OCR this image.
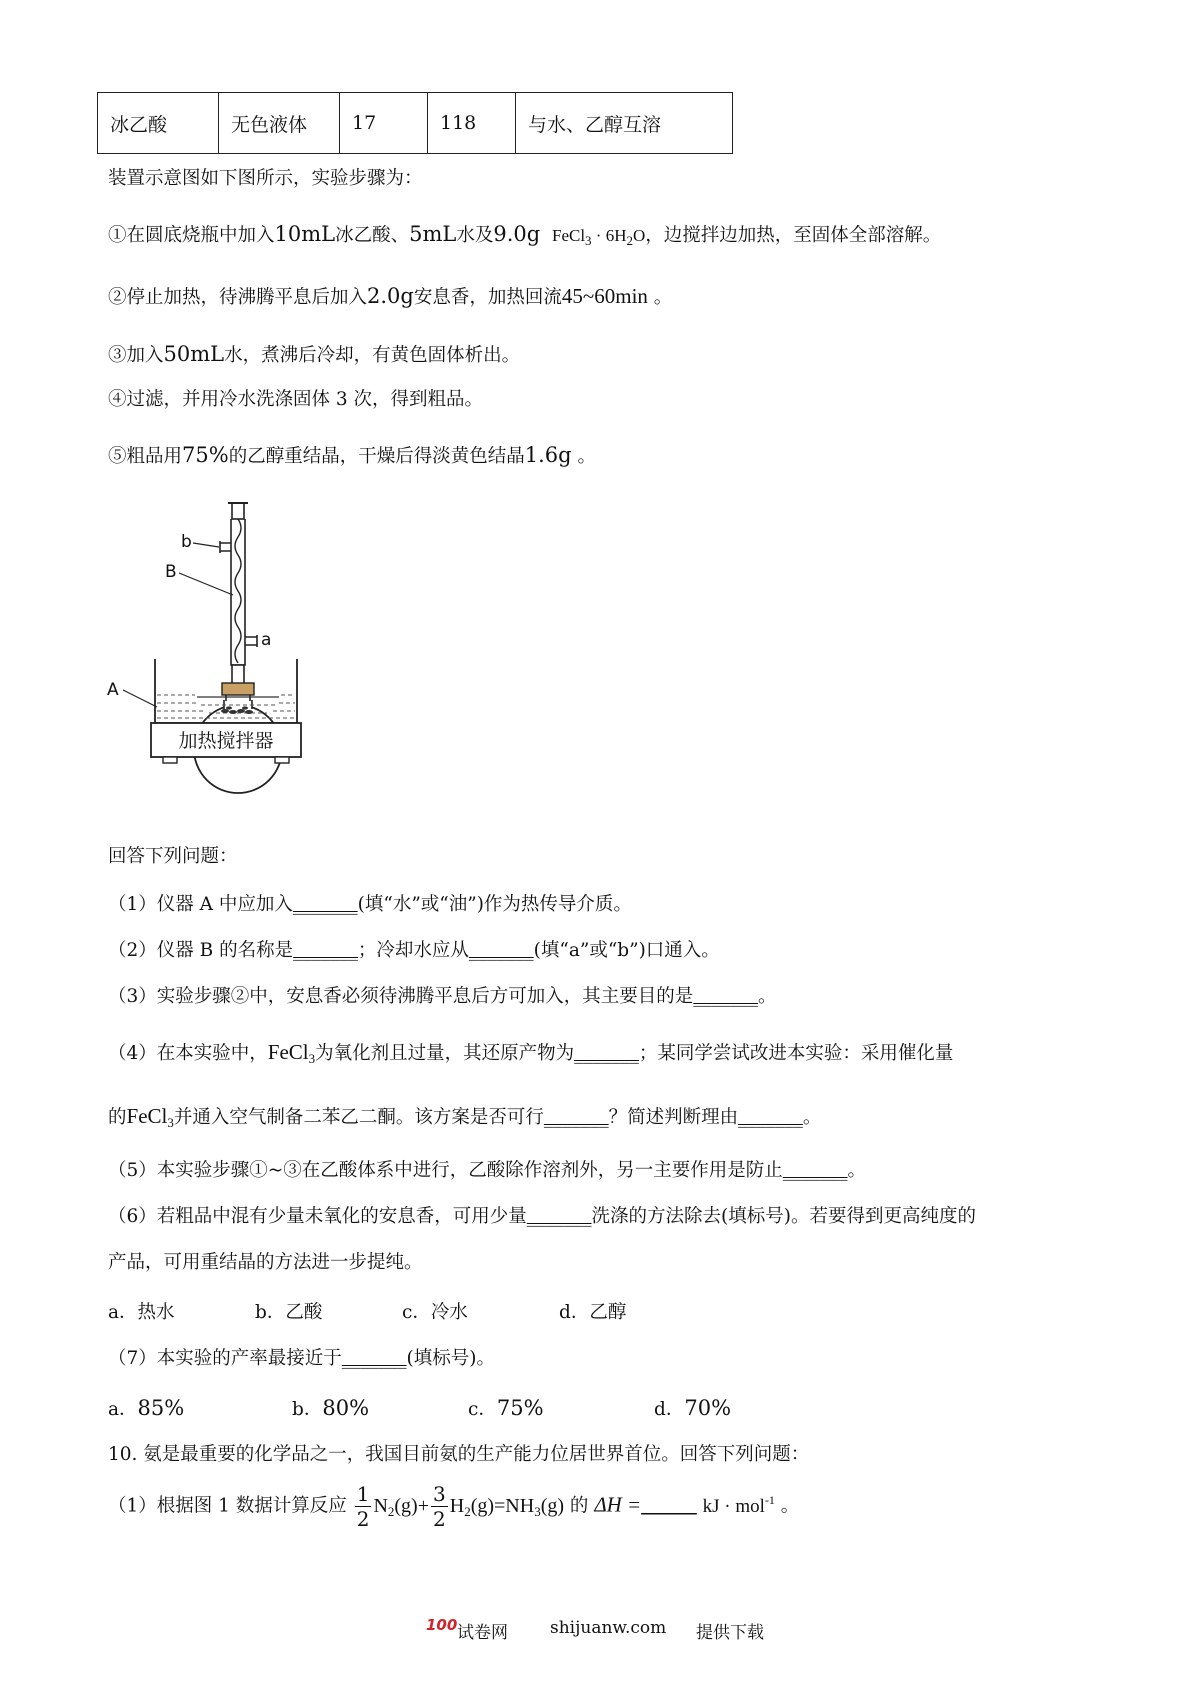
冰乙酸	无色液体	17	118	与水、乙醇互溶
装置示意图如下图所示，实验步骤为：
①在圆底烧瓶中加入10mL冰乙酸、5mL水及9.0g FeCl$_3$ · $6H_2O$，边搅拌边加热，至固体全部溶解。
②停止加热，待沸腾平息后加入2.0g安息香，加热回流45~60min 。
③加入50mL水，煮沸后冷却，有黄色固体析出。
④过滤，并用冷水洗涤固体 3 次，得到粗品。
⑤粗品用75%的乙醇重结晶，干燥后得淡黄色结晶1.6g 。
加热搅拌器
b
B
a
A
回答下列问题：
（1）仪器 A 中应加入_______(填“水”或“油”)作为热传导介质。
（2）仪器 B 的名称是_______；冷却水应从_______(填“a”或“b”)口通入。
（3）实验步骤②中，安息香必须待沸腾平息后方可加入，其主要目的是_______。
（4）在本实验中，FeCl$_3$为氧化剂且过量，其还原产物为_______；某同学尝试改进本实验：采用催化量
的FeCl$_3$并通入空气制备二苯乙二酮。该方案是否可行_______？简述判断理由_______。
（5）本实验步骤①~③在乙酸体系中进行，乙酸除作溶剂外，另一主要作用是防止_______。
（6）若粗品中混有少量未氧化的安息香，可用少量_______洗涤的方法除去(填标号)。若要得到更高纯度的
产品，可用重结晶的方法进一步提纯。
a．热水	b．乙酸	c．冷水	d．乙醇
（7）本实验的产率最接近于_______(填标号)。
a．85%	b．80%	c．75%	d．70%
10. 氨是最重要的化学品之一，我国目前氨的生产能力位居世界首位。回答下列问题：
（1）根据图 1 数据计算反应 $\frac{1}{2} N_2(g)+ \frac{3}{2} H_2(g)=NH_3(g)$ 的 ΔH =______ kJ · mol$^{-1}$ 。
100 试卷网 shijuanw.com 提供下载
